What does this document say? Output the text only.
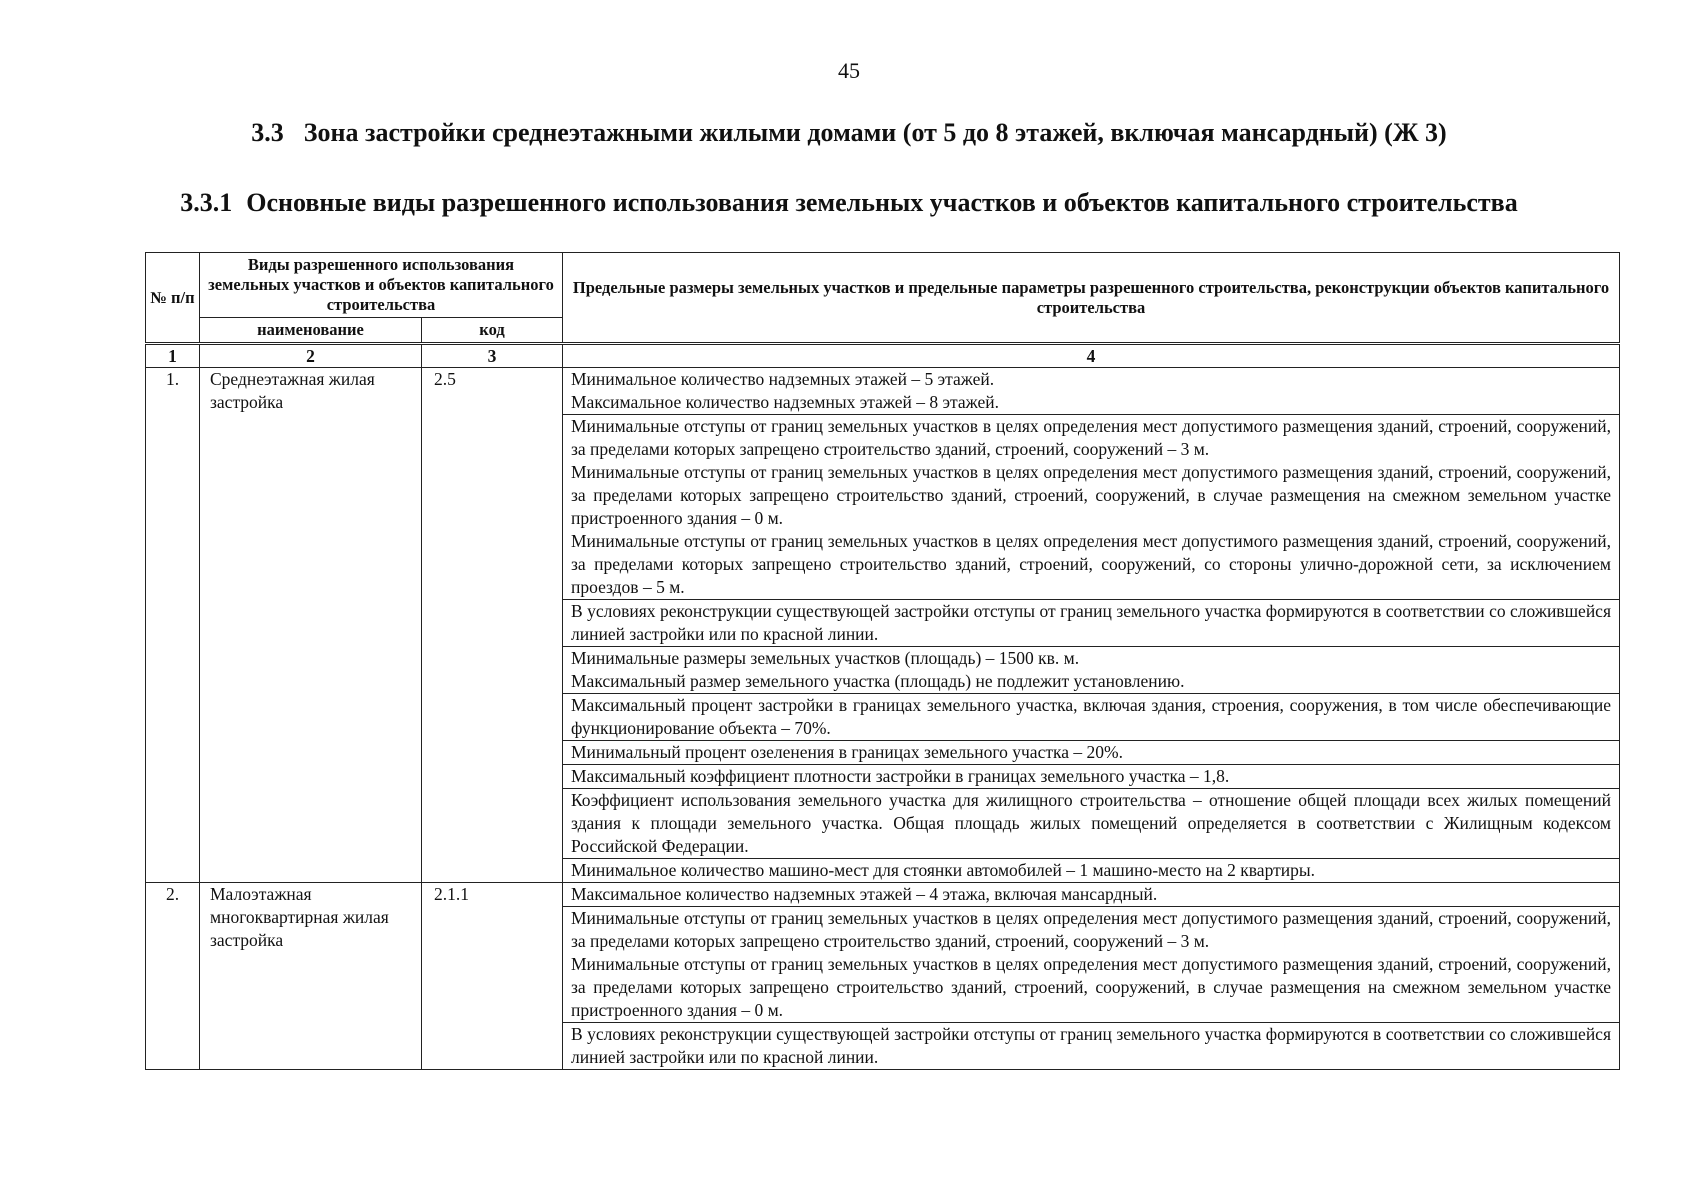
45
3.3 Зона застройки среднеэтажными жилыми домами (от 5 до 8 этажей, включая мансардный) (Ж 3)
3.3.1 Основные виды разрешенного использования земельных участков и объектов капитального строительства
№ п/п	Виды разрешенного использования земельных участков и объектов капитального строительства		Предельные размеры земельных участков и предельные параметры разрешенного строительства, реконструкции объектов капитального строительства
	наименование	код	
1	2	3	4
1.	Среднеэтажная жилая застройка	2.5	Минимальное количество надземных этажей – 5 этажей.
Максимальное количество надземных этажей – 8 этажей.

			Минимальные отступы от границ земельных участков в целях определения мест допустимого размещения зданий, строений, сооружений, за пределами которых запрещено строительство зданий, строений, сооружений – 3 м.
Минимальные отступы от границ земельных участков в целях определения мест допустимого размещения зданий, строений, сооружений, за пределами которых запрещено строительство зданий, строений, сооружений, в случае размещения на смежном земельном участке пристроенного здания – 0 м.
Минимальные отступы от границ земельных участков в целях определения мест допустимого размещения зданий, строений, сооружений, за пределами которых запрещено строительство зданий, строений, сооружений, со стороны улично-дорожной сети, за исключением проездов – 5 м.

			В условиях реконструкции существующей застройки отступы от границ земельного участка формируются в соответствии со сложившейся линией застройки или по красной линии.

			Минимальные размеры земельных участков (площадь) – 1500 кв. м.
Максимальный размер земельного участка (площадь) не подлежит установлению.

			Максимальный процент застройки в границах земельного участка, включая здания, строения, сооружения, в том числе обеспечивающие функционирование объекта – 70%.

			Минимальный процент озеленения в границах земельного участка – 20%.

			Максимальный коэффициент плотности застройки в границах земельного участка – 1,8.

			Коэффициент использования земельного участка для жилищного строительства – отношение общей площади всех жилых помещений здания к площади земельного участка. Общая площадь жилых помещений определяется в соответствии с Жилищным кодексом Российской Федерации.

			Минимальное количество машино-мест для стоянки автомобилей – 1 машино-место на 2 квартиры.

2.	Малоэтажная многоквартирная жилая застройка	2.1.1	Максимальное количество надземных этажей – 4 этажа, включая мансардный.

			Минимальные отступы от границ земельных участков в целях определения мест допустимого размещения зданий, строений, сооружений, за пределами которых запрещено строительство зданий, строений, сооружений – 3 м.
Минимальные отступы от границ земельных участков в целях определения мест допустимого размещения зданий, строений, сооружений, за пределами которых запрещено строительство зданий, строений, сооружений, в случае размещения на смежном земельном участке пристроенного здания – 0 м.

			В условиях реконструкции существующей застройки отступы от границ земельного участка формируются в соответствии со сложившейся линией застройки или по красной линии.
